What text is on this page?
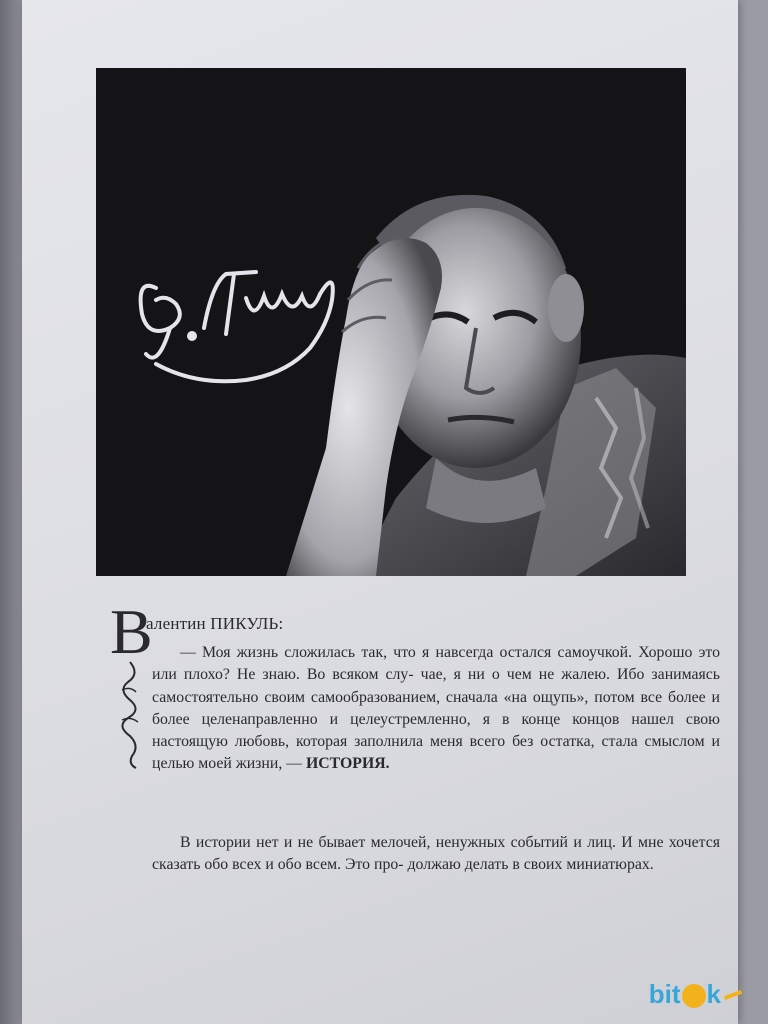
В. Пикуль
В
алентин ПИКУЛЬ:
— Моя жизнь сложилась так, что я навсегда остался самоучкой. Хорошо это или плохо? Не знаю. Во всяком слу- чае, я ни о чем не жалею. Ибо занимаясь самостоятельно своим самообразованием, сначала «на ощупь», потом все более и более целенаправленно и целеустремленно, я в конце концов нашел свою настоящую любовь, которая заполнила меня всего без остатка, стала смыслом и целью моей жизни, — ИСТОРИЯ.
В истории нет и не бывает мелочей, ненужных событий и лиц. И мне хочется сказать обо всех и обо всем. Это про- должаю делать в своих миниатюрах.
bit k
